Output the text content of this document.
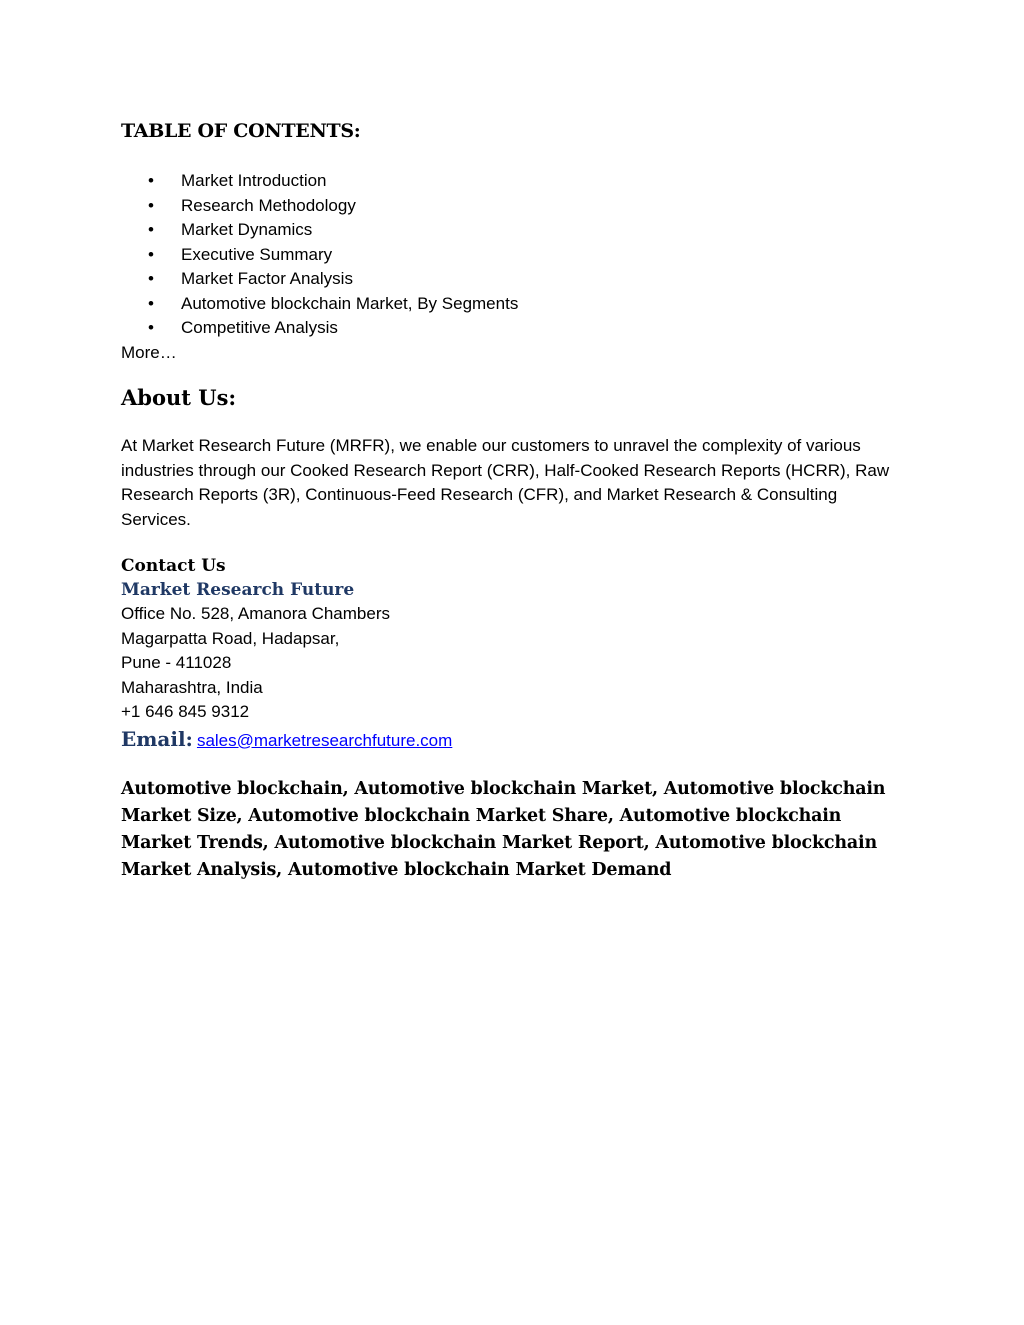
TABLE OF CONTENTS:
• Market Introduction
• Research Methodology
• Market Dynamics
• Executive Summary
• Market Factor Analysis
• Automotive blockchain Market, By Segments
• Competitive Analysis
More…
About Us:

At Market Research Future (MRFR), we enable our customers to unravel the complexity of various industries through our Cooked Research Report (CRR), Half-Cooked Research Reports (HCRR), Raw Research Reports (3R), Continuous-Feed Research (CFR), and Market Research & Consulting Services.

Contact Us
Market Research Future
Office No. 528, Amanora Chambers
Magarpatta Road, Hadapsar,
Pune - 411028
Maharashtra, India
+1 646 845 9312
Email: sales@marketresearchfuture.com

Automotive blockchain, Automotive blockchain Market, Automotive blockchain Market Size, Automotive blockchain Market Share, Automotive blockchain Market Trends, Automotive blockchain Market Report, Automotive blockchain Market Analysis, Automotive blockchain Market Demand
